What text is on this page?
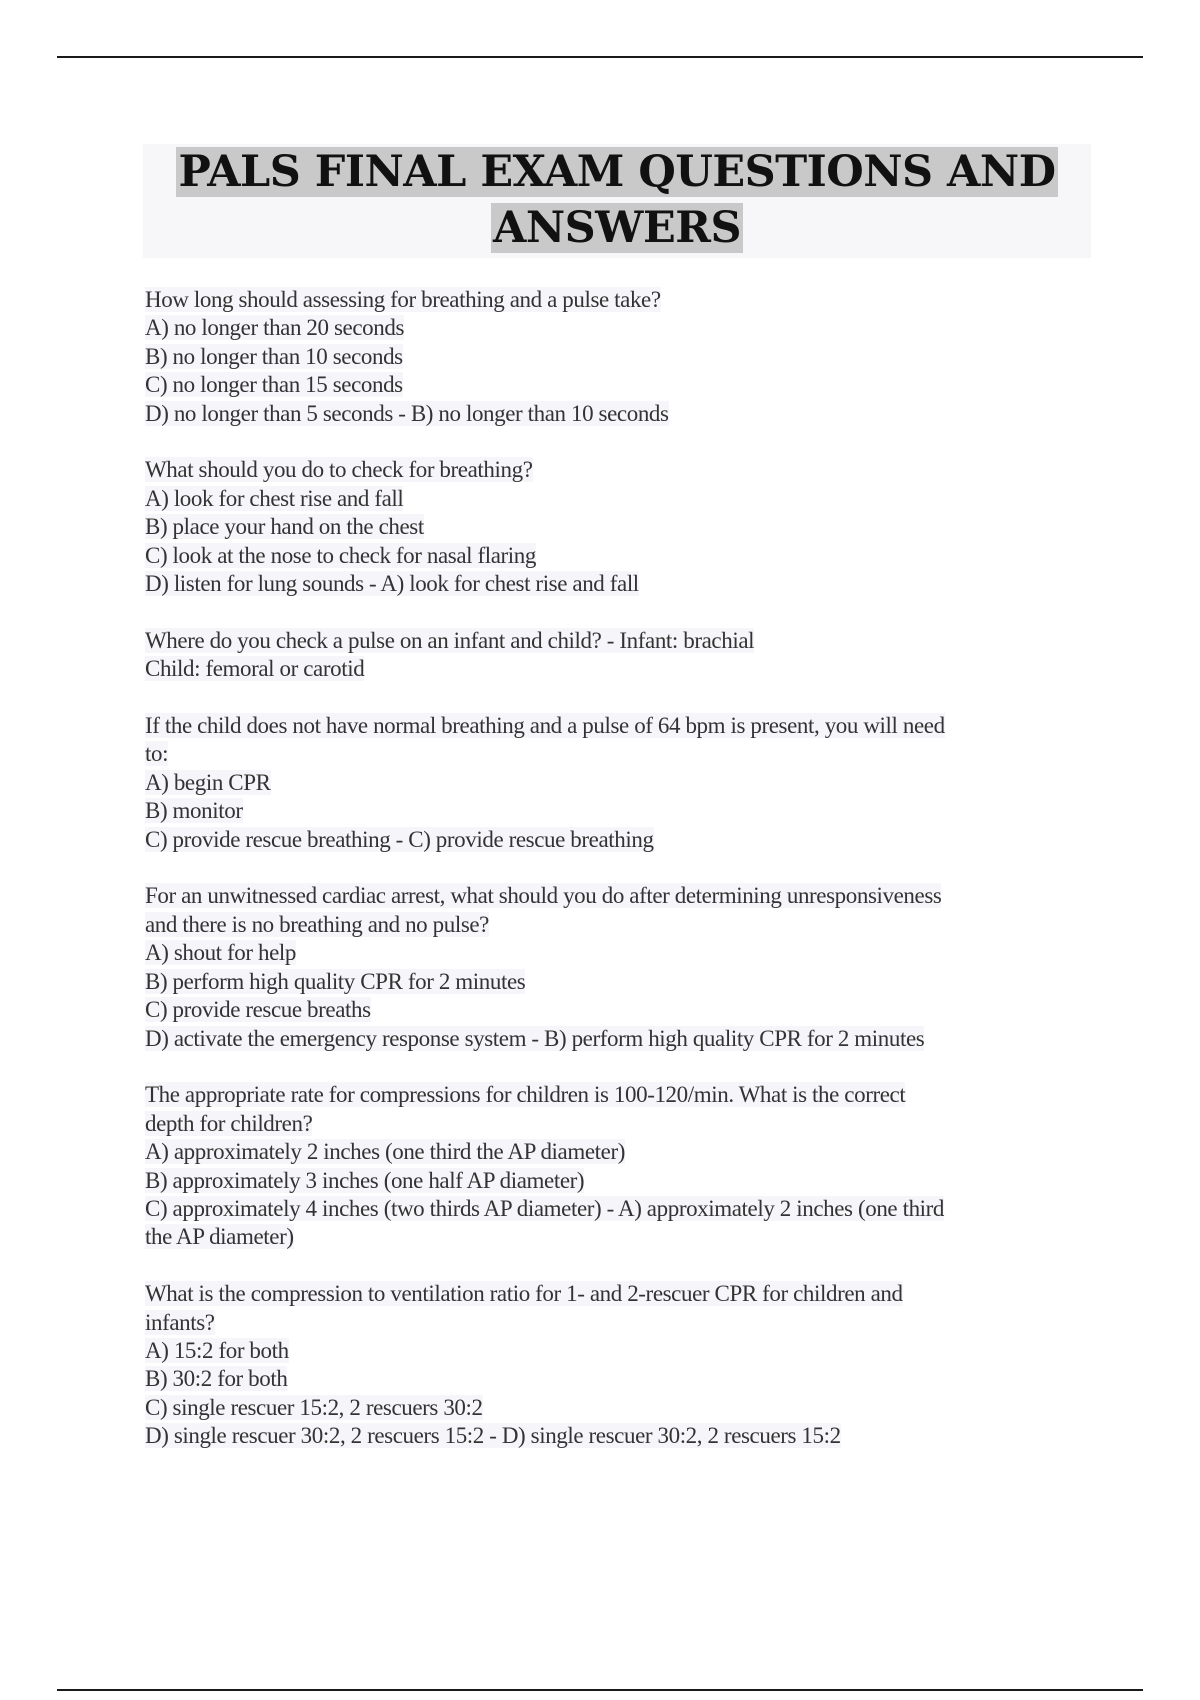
PALS FINAL EXAM QUESTIONS AND
ANSWERS
How long should assessing for breathing and a pulse take?
A) no longer than 20 seconds
B) no longer than 10 seconds
C) no longer than 15 seconds
D) no longer than 5 seconds - B) no longer than 10 seconds
What should you do to check for breathing?
A) look for chest rise and fall
B) place your hand on the chest
C) look at the nose to check for nasal flaring
D) listen for lung sounds - A) look for chest rise and fall
Where do you check a pulse on an infant and child? - Infant: brachial
Child: femoral or carotid
If the child does not have normal breathing and a pulse of 64 bpm is present, you will need
to:
A) begin CPR
B) monitor
C) provide rescue breathing - C) provide rescue breathing
For an unwitnessed cardiac arrest, what should you do after determining unresponsiveness
and there is no breathing and no pulse?
A) shout for help
B) perform high quality CPR for 2 minutes
C) provide rescue breaths
D) activate the emergency response system - B) perform high quality CPR for 2 minutes
The appropriate rate for compressions for children is 100-120/min. What is the correct
depth for children?
A) approximately 2 inches (one third the AP diameter)
B) approximately 3 inches (one half AP diameter)
C) approximately 4 inches (two thirds AP diameter) - A) approximately 2 inches (one third
the AP diameter)
What is the compression to ventilation ratio for 1- and 2-rescuer CPR for children and
infants?
A) 15:2 for both
B) 30:2 for both
C) single rescuer 15:2, 2 rescuers 30:2
D) single rescuer 30:2, 2 rescuers 15:2 - D) single rescuer 30:2, 2 rescuers 15:2
